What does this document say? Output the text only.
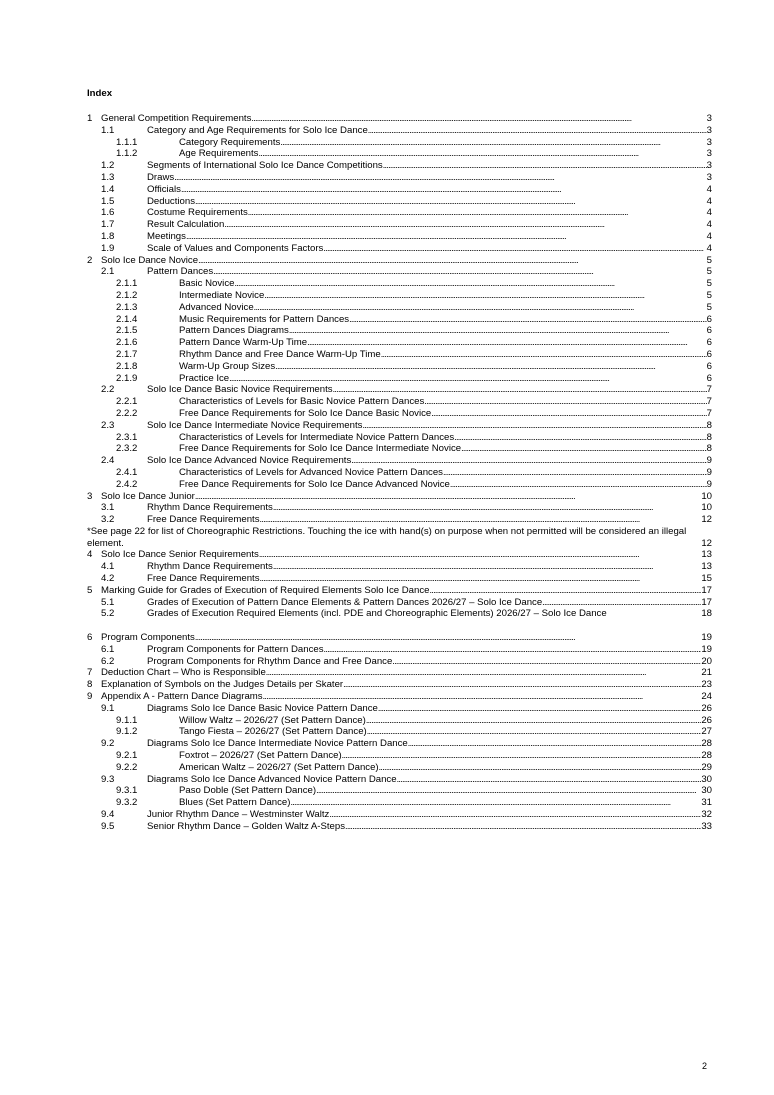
Index
1 General Competition Requirements . . .	3
1.1	Category and Age Requirements for Solo Ice Dance . . .	3
1.1.1	Category Requirements . . .	3
1.1.2	Age Requirements . . .	3
1.2	Segments of International Solo Ice Dance Competitions . . .	3
1.3	Draws . . .	3
1.4	Officials . . .	4
1.5	Deductions . . .	4
1.6	Costume Requirements . . .	4
1.7	Result Calculation . . .	4
1.8	Meetings . . .	4
1.9	Scale of Values and Components Factors . . .	4
2 Solo Ice Dance Novice . . .	5
2.1	Pattern Dances . . .	5
2.1.1	Basic Novice . . .	5
2.1.2	Intermediate Novice . . .	5
2.1.3	Advanced Novice . . .	5
2.1.4	Music Requirements for Pattern Dances . . .	6
2.1.5	Pattern Dances Diagrams . . .	6
2.1.6	Pattern Dance Warm-Up Time . . .	6
2.1.7	Rhythm Dance and Free Dance Warm-Up Time . . .	6
2.1.8	Warm-Up Group Sizes . . .	6
2.1.9	Practice Ice . . .	6
2.2	Solo Ice Dance Basic Novice Requirements . . .	7
2.2.1	Characteristics of Levels for Basic Novice Pattern Dances . . .	7
2.2.2	Free Dance Requirements for Solo Ice Dance Basic Novice . . .	7
2.3	Solo Ice Dance Intermediate Novice Requirements . . .	8
2.3.1	Characteristics of Levels for Intermediate Novice Pattern Dances . . .	8
2.3.2	Free Dance Requirements for Solo Ice Dance Intermediate Novice . . .	8
2.4	Solo Ice Dance Advanced Novice Requirements . . .	9
2.4.1	Characteristics of Levels for Advanced Novice Pattern Dances . . .	9
2.4.2	Free Dance Requirements for Solo Ice Dance Advanced Novice . . .	9
3 Solo Ice Dance Junior . . .	10
3.1	Rhythm Dance Requirements . . .	10
3.2	Free Dance Requirements . . .	12
*See page 22 for list of Choreographic Restrictions. Touching the ice with hand(s) on purpose when not permitted will be considered an illegal element.	12
4 Solo Ice Dance Senior Requirements . . .	13
4.1	Rhythm Dance Requirements . . .	13
4.2	Free Dance Requirements . . .	15
5 Marking Guide for Grades of Execution of Required Elements Solo Ice Dance . . .	17
5.1	Grades of Execution of Pattern Dance Elements & Pattern Dances 2026/27 – Solo Ice Dance . . .	17
5.2	Grades of Execution Required Elements (incl. PDE and Choreographic Elements) 2026/27 – Solo Ice Dance	18
6 Program Components . . .	19
6.1	Program Components for Pattern Dances . . .	19
6.2	Program Components for Rhythm Dance and Free Dance . . .	20
7 Deduction Chart – Who is Responsible . . .	21
8 Explanation of Symbols on the Judges Details per Skater . . .	23
9 Appendix A - Pattern Dance Diagrams . . .	24
9.1	Diagrams Solo Ice Dance Basic Novice Pattern Dance . . .	26
9.1.1	Willow Waltz – 2026/27 (Set Pattern Dance) . . .	26
9.1.2	Tango Fiesta – 2026/27 (Set Pattern Dance) . . .	27
9.2	Diagrams Solo Ice Dance Intermediate Novice Pattern Dance . . .	28
9.2.1	Foxtrot – 2026/27 (Set Pattern Dance) . . .	28
9.2.2	American Waltz – 2026/27 (Set Pattern Dance) . . .	29
9.3	Diagrams Solo Ice Dance Advanced Novice Pattern Dance . . .	30
9.3.1	Paso Doble (Set Pattern Dance) . . .	30
9.3.2	Blues (Set Pattern Dance) . . .	31
9.4	Junior Rhythm Dance – Westminster Waltz . . .	32
9.5	Senior Rhythm Dance – Golden Waltz A-Steps . . .	33
2
